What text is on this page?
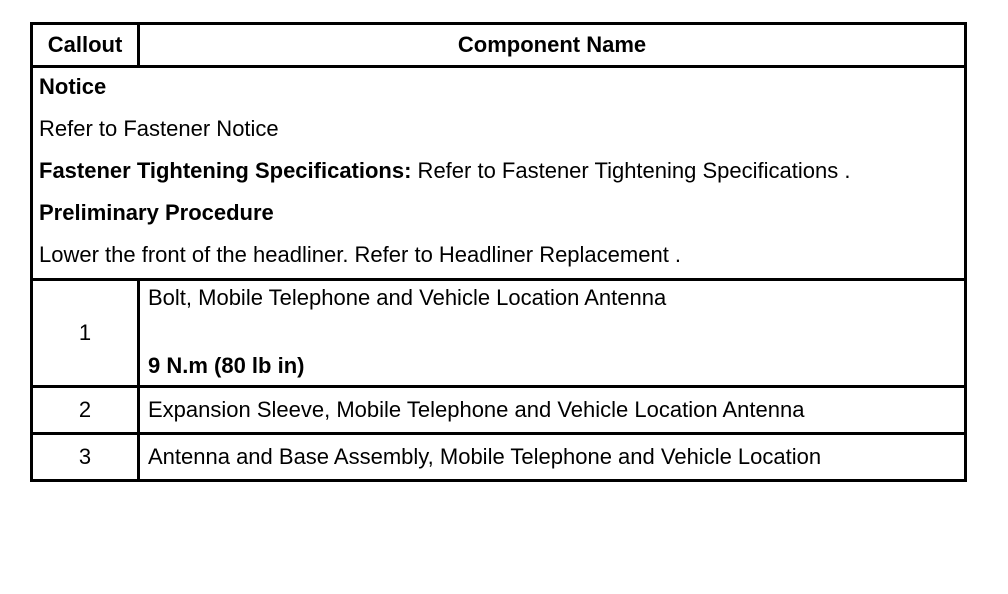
Callout	Component Name

Notice

Refer to Fastener Notice

Fastener Tightening Specifications: Refer to Fastener Tightening Specifications .

Preliminary Procedure

Lower the front of the headliner. Refer to Headliner Replacement .	

1	Bolt, Mobile Telephone and Vehicle Location Antenna
9 N.m (80 lb in)

2	Expansion Sleeve, Mobile Telephone and Vehicle Location Antenna
3	Antenna and Base Assembly, Mobile Telephone and Vehicle Location
